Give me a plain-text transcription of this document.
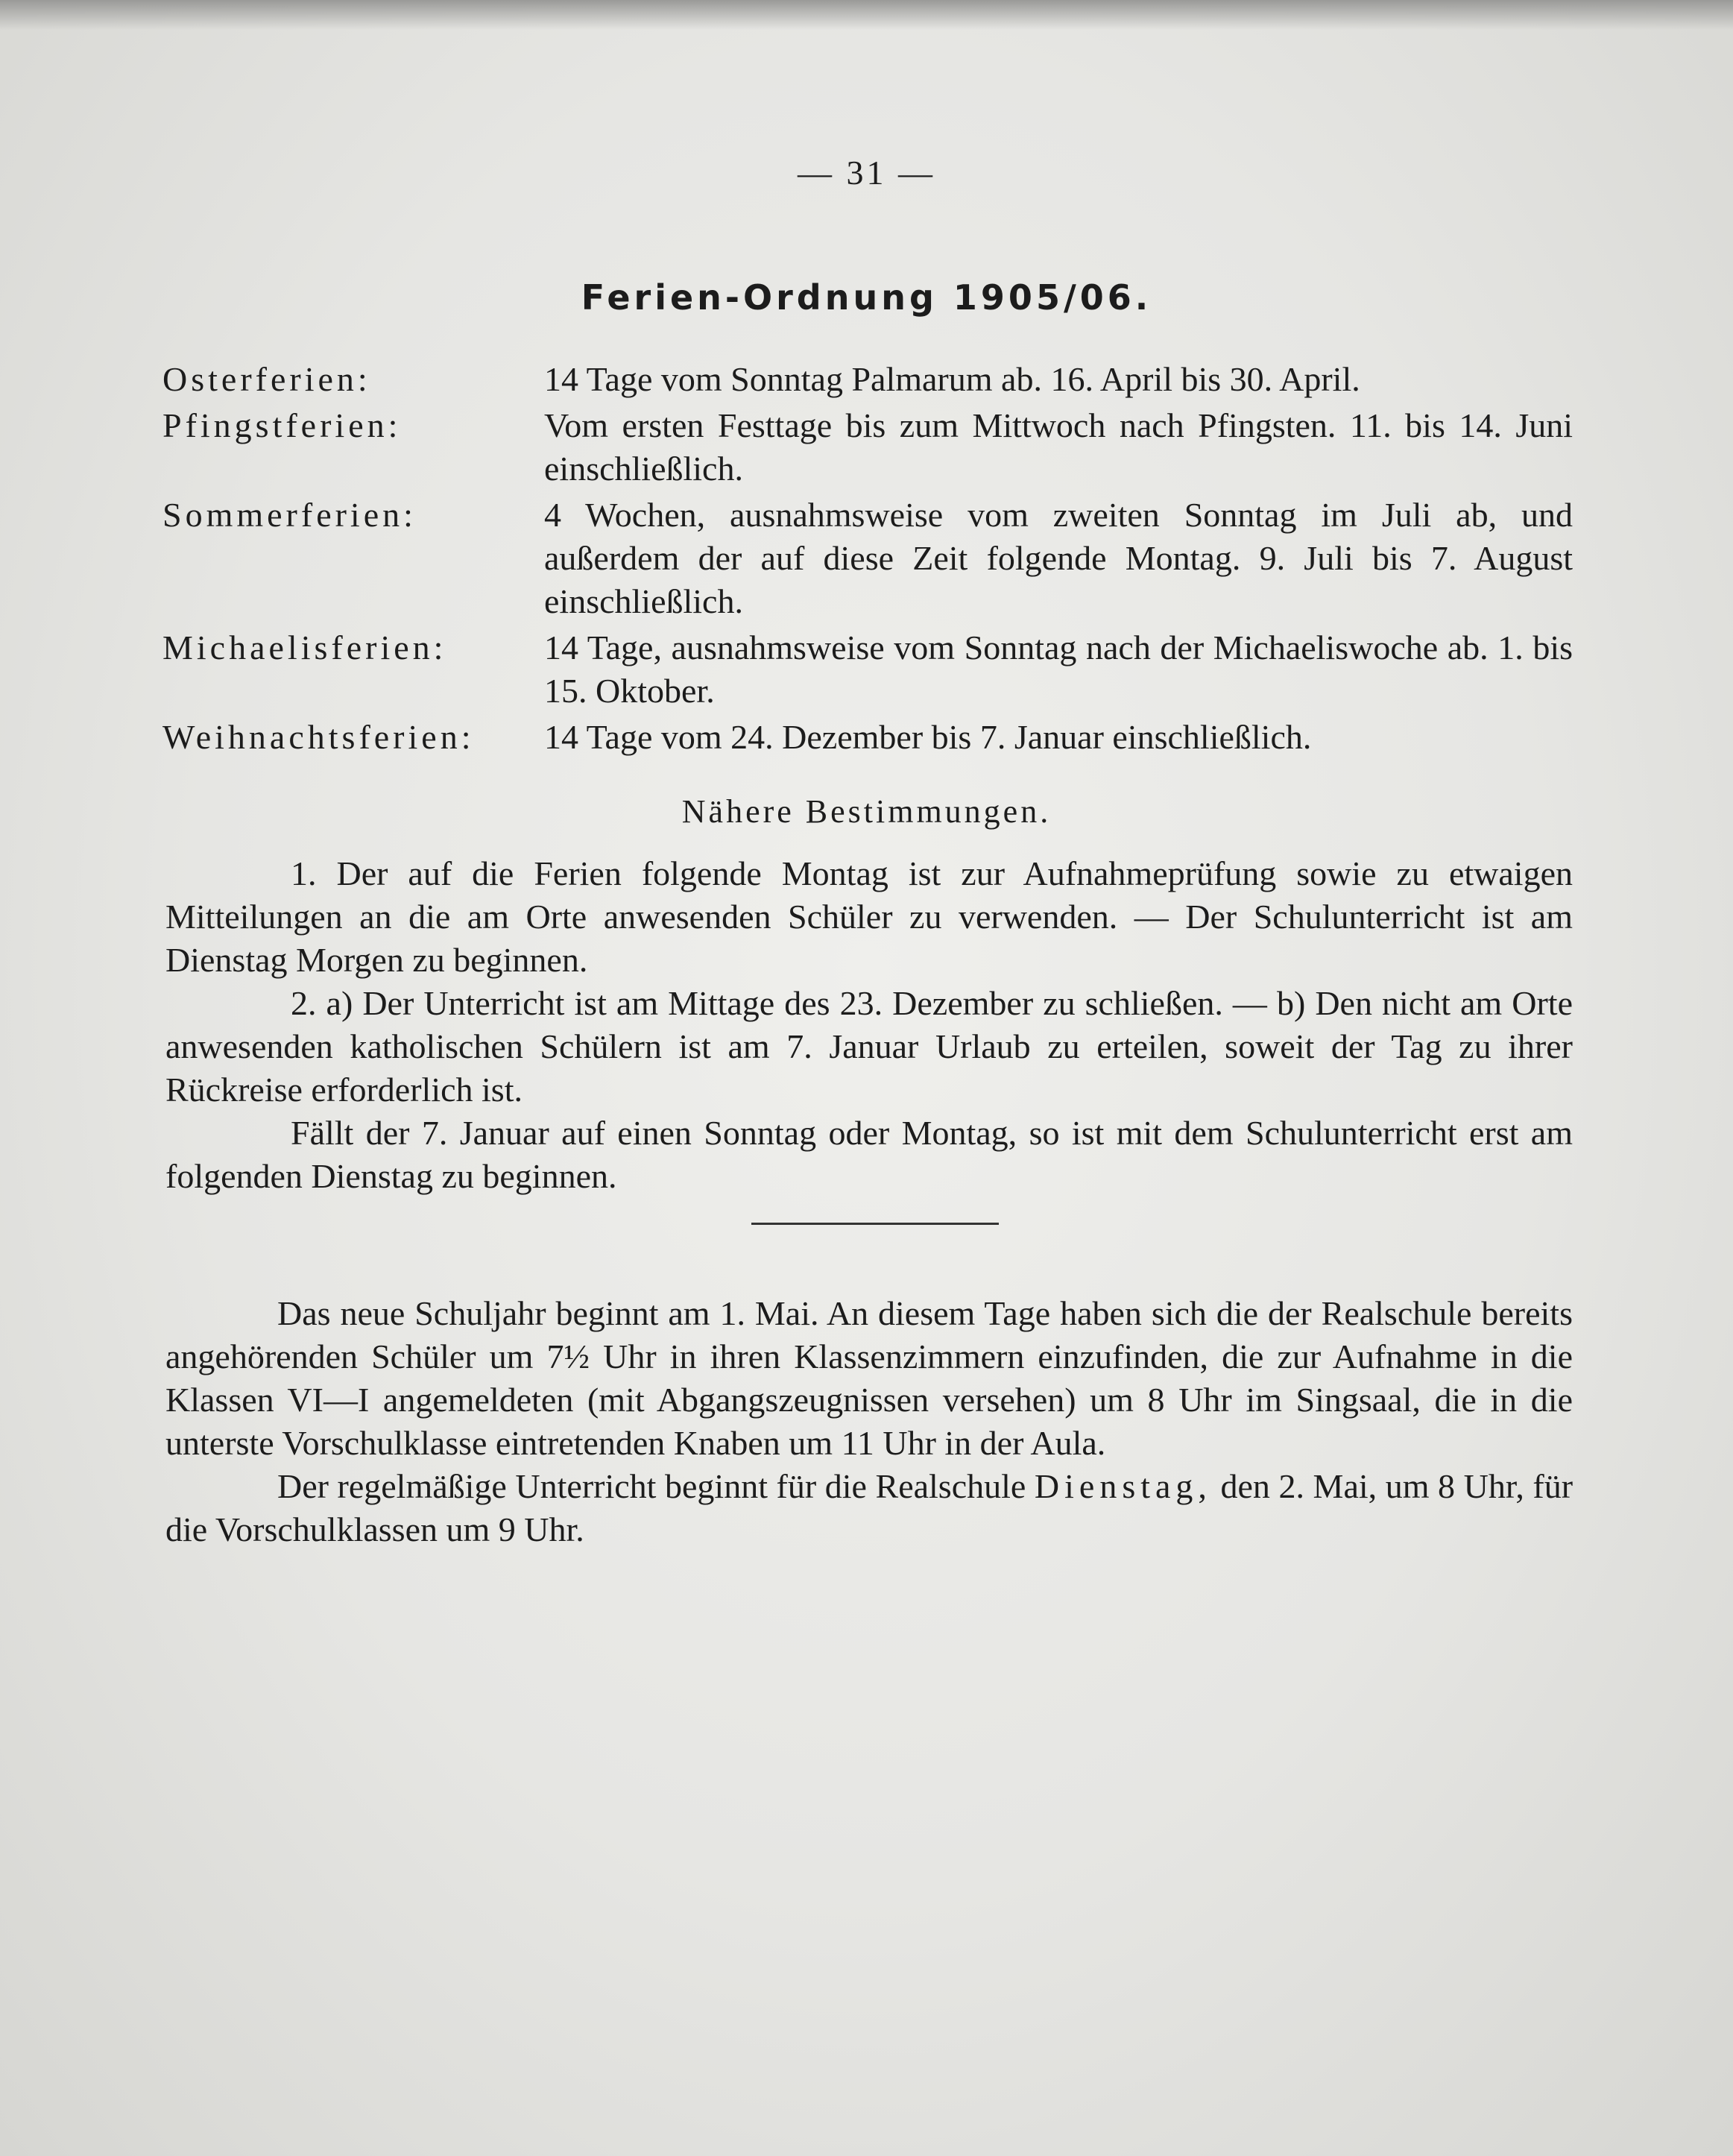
— 31 —
Ferien-Ordnung 1905/06.
Osterferien:	14 Tage vom Sonntag Palmarum ab. 16. April bis 30. April.
Pfingstferien:	Vom ersten Festtage bis zum Mittwoch nach Pfingsten. 11. bis 14. Juni einschließlich.
Sommerferien:	4 Wochen, ausnahmsweise vom zweiten Sonntag im Juli ab, und außerdem der auf diese Zeit folgende Montag. 9. Juli bis 7. August einschließlich.
Michaelisferien:	14 Tage, ausnahmsweise vom Sonntag nach der Michaeliswoche ab. 1. bis 15. Oktober.
Weihnachtsferien:	14 Tage vom 24. Dezember bis 7. Januar einschließlich.
Nähere Bestimmungen.

1. Der auf die Ferien folgende Montag ist zur Aufnahmeprüfung sowie zu etwaigen Mitteilungen an die am Orte anwesenden Schüler zu verwenden. — Der Schulunterricht ist am Dienstag Morgen zu beginnen.

2. a) Der Unterricht ist am Mittage des 23. Dezember zu schließen. — b) Den nicht am Orte anwesenden katholischen Schülern ist am 7. Januar Urlaub zu erteilen, soweit der Tag zu ihrer Rückreise erforderlich ist.

Fällt der 7. Januar auf einen Sonntag oder Montag, so ist mit dem Schulunterricht erst am folgenden Dienstag zu beginnen.

Das neue Schuljahr beginnt am 1. Mai. An diesem Tage haben sich die der Realschule bereits angehörenden Schüler um 7½ Uhr in ihren Klassenzimmern einzufinden, die zur Aufnahme in die Klassen VI—I angemeldeten (mit Abgangszeugnissen versehen) um 8 Uhr im Singsaal, die in die unterste Vorschulklasse eintretenden Knaben um 11 Uhr in der Aula.

Der regelmäßige Unterricht beginnt für die Realschule Dienstag, den 2. Mai, um 8 Uhr, für die Vorschulklassen um 9 Uhr.
